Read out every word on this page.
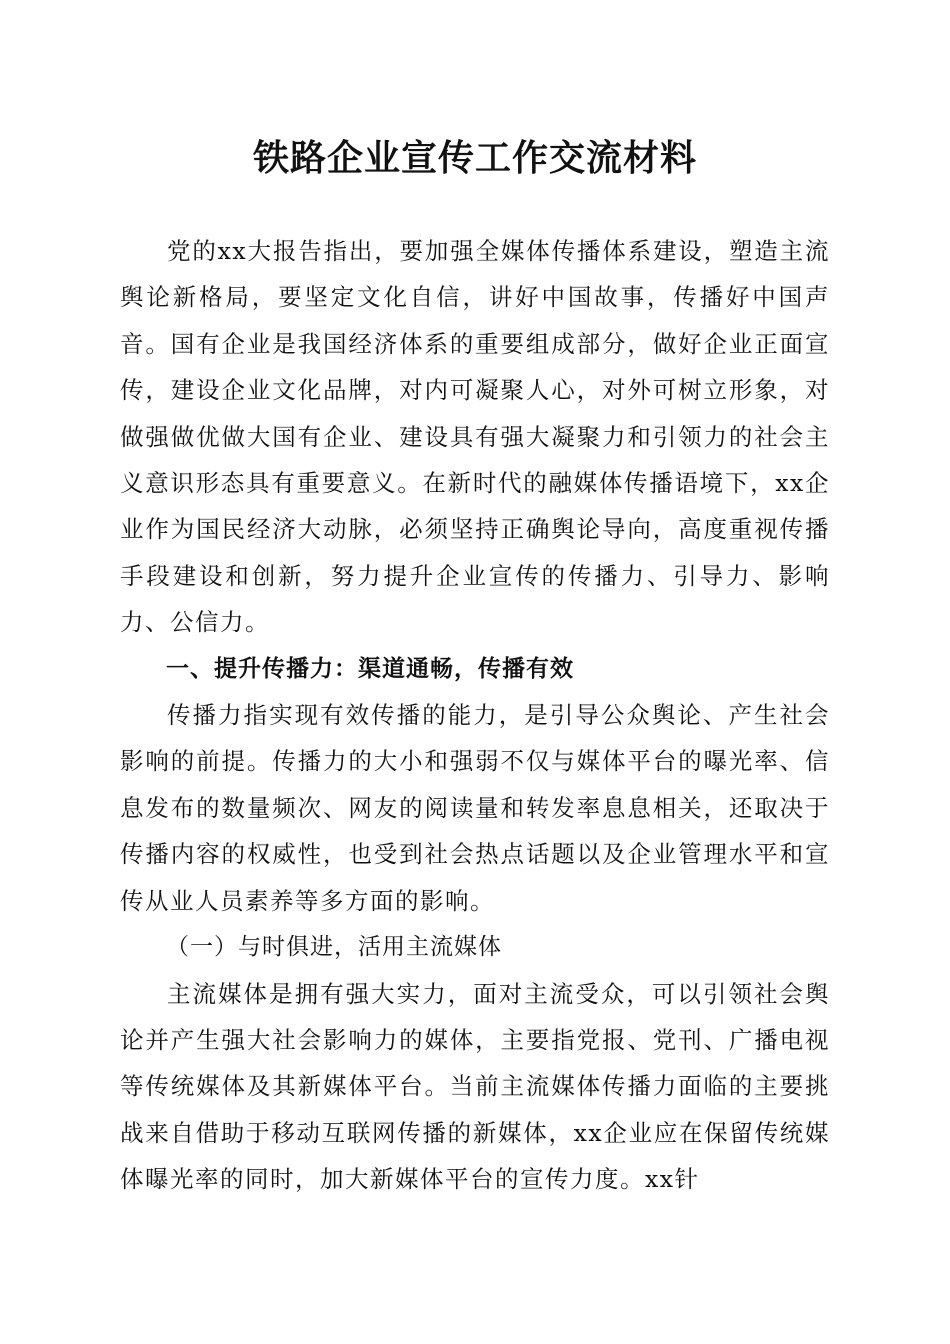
铁路企业宣传工作交流材料

党的xx大报告指出，要加强全媒体传播体系建设，塑造主流舆论新格局，要坚定文化自信，讲好中国故事，传播好中国声音。国有企业是我国经济体系的重要组成部分，做好企业正面宣传，建设企业文化品牌，对内可凝聚人心，对外可树立形象，对做强做优做大国有企业、建设具有强大凝聚力和引领力的社会主义意识形态具有重要意义。在新时代的融媒体传播语境下，xx企业作为国民经济大动脉，必须坚持正确舆论导向，高度重视传播手段建设和创新，努力提升企业宣传的传播力、引导力、影响力、公信力。

一、提升传播力：渠道通畅，传播有效

传播力指实现有效传播的能力，是引导公众舆论、产生社会影响的前提。传播力的大小和强弱不仅与媒体平台的曝光率、信息发布的数量频次、网友的阅读量和转发率息息相关，还取决于传播内容的权威性，也受到社会热点话题以及企业管理水平和宣传从业人员素养等多方面的影响。

（一）与时俱进，活用主流媒体

主流媒体是拥有强大实力，面对主流受众，可以引领社会舆论并产生强大社会影响力的媒体，主要指党报、党刊、广播电视等传统媒体及其新媒体平台。当前主流媒体传播力面临的主要挑战来自借助于移动互联网传播的新媒体，xx企业应在保留传统媒体曝光率的同时，加大新媒体平台的宣传力度。xx针
